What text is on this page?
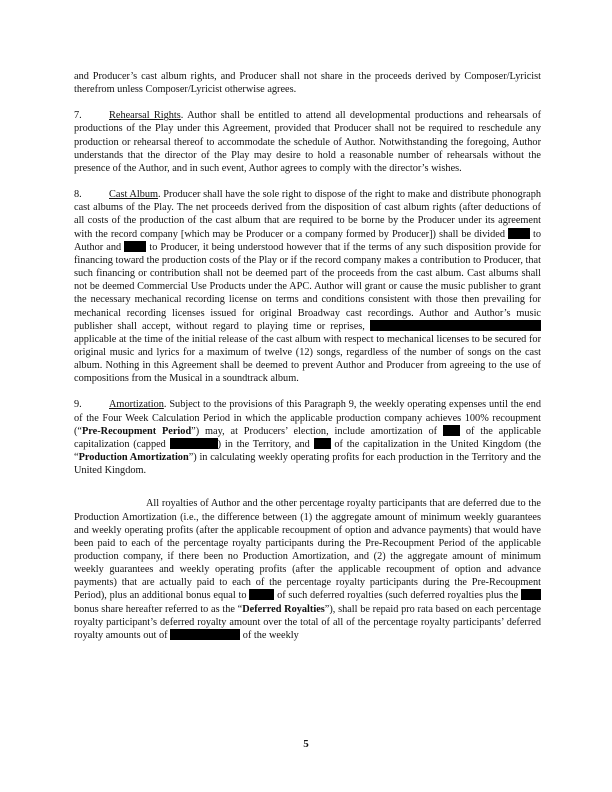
and Producer’s cast album rights, and Producer shall not share in the proceeds derived by Composer/Lyricist therefrom unless Composer/Lyricist otherwise agrees.

7.	Rehearsal Rights. Author shall be entitled to attend all developmental productions and rehearsals of productions of the Play under this Agreement, provided that Producer shall not be required to reschedule any production or rehearsal thereof to accommodate the schedule of Author. Notwithstanding the foregoing, Author understands that the director of the Play may desire to hold a reasonable number of rehearsals without the presence of the Author, and in such event, Author agrees to comply with the director’s wishes.

8.	Cast Album. Producer shall have the sole right to dispose of the right to make and distribute phonograph cast albums of the Play. The net proceeds derived from the disposition of cast album rights (after deductions of all costs of the production of the cast album that are required to be borne by the Producer under its agreement with the record company [which may be Producer or a company formed by Producer]) shall be divided	to Author and	to Producer, it being understood however that if the terms of any such disposition provide for financing toward the production costs of the Play or if the record company makes a contribution to Producer, that such financing or contribution shall not be deemed part of the proceeds from the cast album. Cast albums shall not be deemed Commercial Use Products under the APC. Author will grant or cause the music publisher to grant the necessary mechanical recording license on terms and conditions consistent with those then prevailing for mechanical recording licenses issued for original Broadway cast recordings. Author and Author’s music publisher shall accept, without regard to playing time or reprises,  applicable at the time of the initial release of the cast album with respect to mechanical licenses to be secured for original music and lyrics for a maximum of twelve (12) songs, regardless of the number of songs on the cast album. Nothing in this Agreement shall be deemed to prevent Author and Producer from agreeing to the use of compositions from the Musical in a soundtrack album.

9.	Amortization. Subject to the provisions of this Paragraph 9, the weekly operating expenses until the end of the Four Week Calculation Period in which the applicable production company achieves 100% recoupment (“Pre-Recoupment Period”) may, at Producers’ election, include amortization of	of the applicable capitalization (capped	) in the Territory, and of the capitalization in the United Kingdom (the “Production Amortization”) in calculating weekly operating profits for each production in the Territory and the United Kingdom.

All royalties of Author and the other percentage royalty participants that are deferred due to the Production Amortization (i.e., the difference between (1) the aggregate amount of minimum weekly guarantees and weekly operating profits (after the applicable recoupment of option and advance payments) that would have been paid to each of the percentage royalty participants during the Pre-Recoupment Period of the applicable production company, if there been no Production Amortization, and (2) the aggregate amount of minimum weekly guarantees and weekly operating profits (after the applicable recoupment of option and advance payments) that are actually paid to each of the percentage royalty participants during the Pre-Recoupment Period), plus an additional bonus equal to	of such deferred royalties (such deferred royalties plus the  bonus share hereafter referred to as the “Deferred Royalties”), shall be repaid pro rata based on each percentage royalty participant’s deferred royalty amount over the total of all of the percentage royalty participants’ deferred royalty amounts out of	of the weekly

5
